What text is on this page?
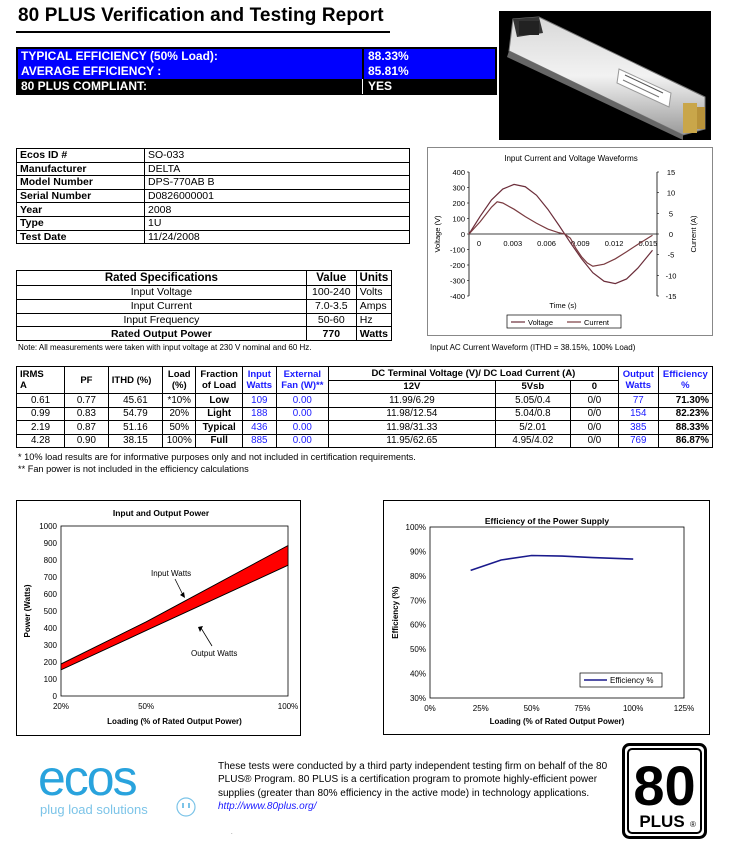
80 PLUS Verification and Testing Report
TYPICAL EFFICIENCY (50% Load):	88.33%
AVERAGE EFFICIENCY :	85.81%
80 PLUS COMPLIANT:	YES
Ecos ID #	SO-033
Manufacturer	DELTA
Model Number	DPS-770AB B
Serial Number	D0826000001
Year	2008
Type	1U
Test Date	11/24/2008
Rated Specifications	Value	Units
Input Voltage	100-240	Volts
Input Current	7.0-3.5	Amps
Input Frequency	50-60	Hz
Rated Output Power	770	Watts
Input Current and Voltage Waveforms
400
300
200
100
0
-100
-200
-300
-400
15
10
5
0
-5
-10
-15
0	0.003 0.006 0.009 0.012 0.015
Voltage (V)	Current (A)
Time (s)
Voltage	Current
Note: All measurements were taken with input voltage at 230 V nominal and 60 Hz.	Input AC Current Waveform (ITHD = 38.15%, 100% Load)
IRMS
A	PF	ITHD (%)	Load (%)	Fraction of Load	Input Watts	External Fan (W)**	DC Terminal Voltage (V)/ DC Load Current (A)			Output Watts	Efficiency %
							12V	5Vsb	0		
0.61	0.77	45.61	*10%	Low	109	0.00	11.99/6.29	5.05/0.4	0/0	77	71.30%
0.99	0.83	54.79	20%	Light	188	0.00	11.98/12.54	5.04/0.8	0/0	154	82.23%
2.19	0.87	51.16	50%	Typical	436	0.00	11.98/31.33	5/2.01	0/0	385	88.33%
4.28	0.90	38.15	100%	Full	885	0.00	11.95/62.65	4.95/4.02	0/0	769	86.87%
* 10% load results are for informative purposes only and not included in certification requirements.
** Fan power is not included in the efficiency calculations
Input and Output Power
1000
900
800
700
600
500
400
300
200
100
0
20%	50%	100%
Power (Watts)
Loading (% of Rated Output Power)
Input Watts
Output Watts
Efficiency of the Power Supply
100%
90%
80%
70%
60%
50%
40%
30%
0%	25%	50%	75%	100%	125%
Efficiency (%)
Loading (% of Rated Output Power)
Efficiency %
ecos
plug load solutions
These tests were conducted by a third party independent testing firm on behalf of the 80 PLUS® Program. 80 PLUS is a certification program to promote highly-efficient power supplies (greater than 80% efficiency in the active mode) in technology applications. http://www.80plus.org/	80
PLUS ®
.
